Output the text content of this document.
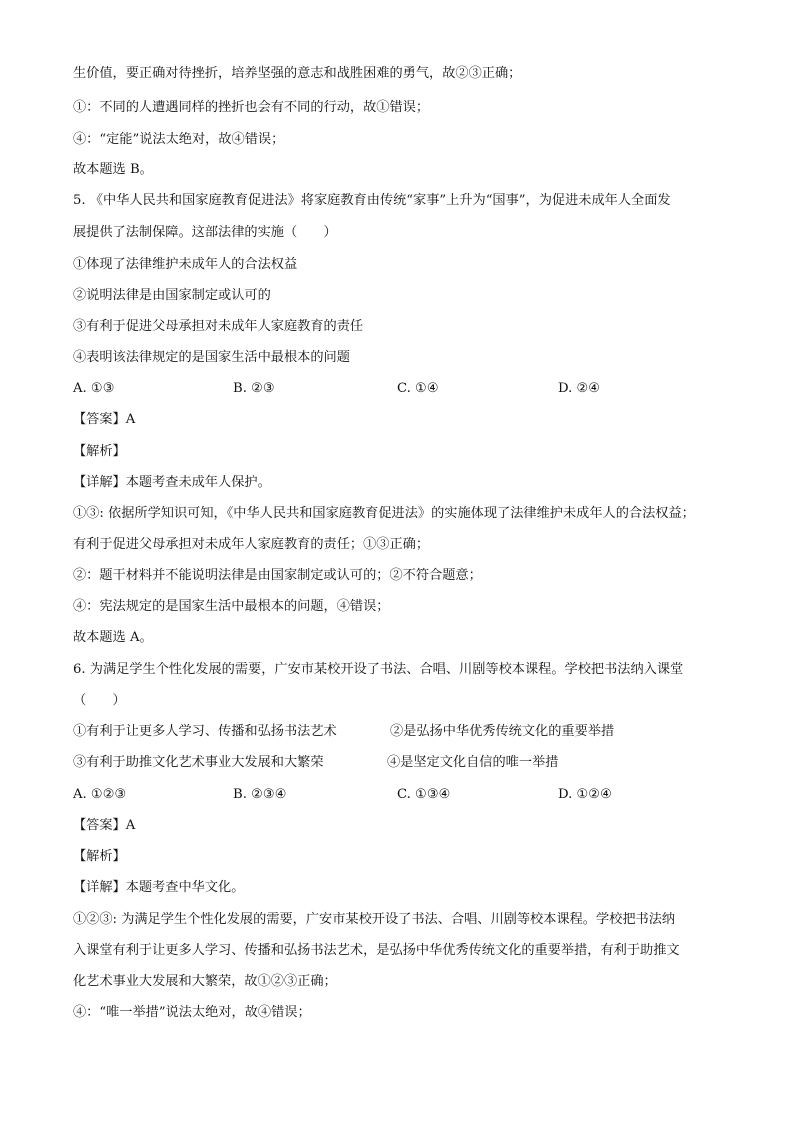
生价值，要正确对待挫折，培养坚强的意志和战胜困难的勇气，故②③正确；
①：不同的人遭遇同样的挫折也会有不同的行动，故①错误；
④：“定能”说法太绝对，故④错误；
故本题选 B。
5. 《中华人民共和国家庭教育促进法》将家庭教育由传统“家事”上升为“国事”，为促进未成年人全面发
展提供了法制保障。这部法律的实施（　　）
①体现了法律维护未成年人的合法权益
②说明法律是由国家制定或认可的
③有利于促进父母承担对未成年人家庭教育的责任
④表明该法律规定的是国家生活中最根本的问题
A. ①③	B. ②③	C. ①④	D. ②④
【答案】A
【解析】
【详解】本题考查未成年人保护。
①③: 依据所学知识可知，《中华人民共和国家庭教育促进法》的实施体现了法律维护未成年人的合法权益；
有利于促进父母承担对未成年人家庭教育的责任；①③正确；
②：题干材料并不能说明法律是由国家制定或认可的；②不符合题意；
④：宪法规定的是国家生活中最根本的问题，④错误；
故本题选 A。
6. 为满足学生个性化发展的需要，广安市某校开设了书法、合唱、川剧等校本课程。学校把书法纳入课堂
（　　）
①有利于让更多人学习、传播和弘扬书法艺术	②是弘扬中华优秀传统文化的重要举措
③有利于助推文化艺术事业大发展和大繁荣	④是坚定文化自信的唯一举措
A. ①②③	B. ②③④	C. ①③④	D. ①②④
【答案】A
【解析】
【详解】本题考查中华文化。
①②③: 为满足学生个性化发展的需要，广安市某校开设了书法、合唱、川剧等校本课程。学校把书法纳
入课堂有利于让更多人学习、传播和弘扬书法艺术，是弘扬中华优秀传统文化的重要举措，有利于助推文
化艺术事业大发展和大繁荣，故①②③正确；
④：“唯一举措”说法太绝对，故④错误；
